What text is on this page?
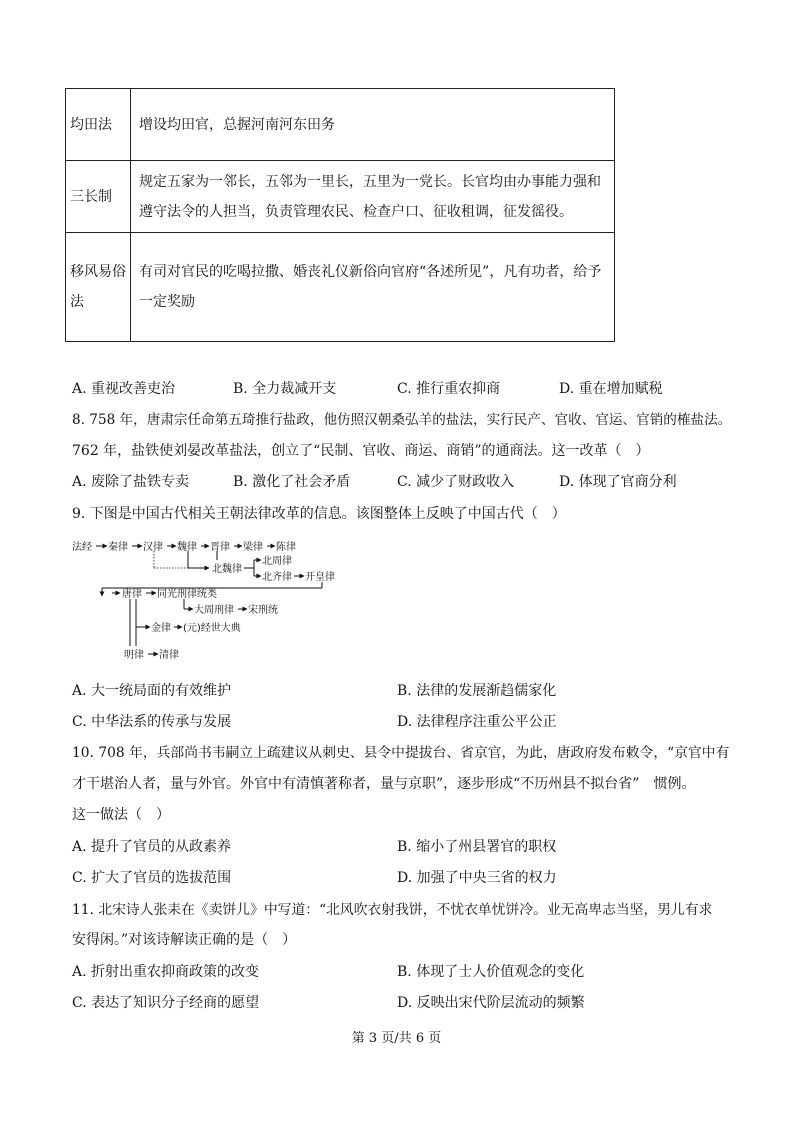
均田法	增设均田官，总握河南河东田务
三长制	规定五家为一邻长，五邻为一里长，五里为一党长。长官均由办事能力强和遵守法令的人担当，负责管理农民、检查户口、征收租调，征发徭役。
移风易俗法	有司对官民的吃喝拉撒、婚丧礼仪新俗向官府“各述所见”，凡有功者，给予一定奖励
A. 重视改善吏治	B. 全力裁减开支	C. 推行重农抑商	D. 重在增加赋税
8. 758 年，唐肃宗任命第五琦推行盐政，他仿照汉朝桑弘羊的盐法，实行民产、官收、官运、官销的榷盐法。
762 年，盐铁使刘晏改革盐法，创立了“民制、官收、商运、商销”的通商法。这一改革（　）
A. 废除了盐铁专卖	B. 激化了社会矛盾	C. 减少了财政收入	D. 体现了官商分利
9. 下图是中国古代相关王朝法律改革的信息。该图整体上反映了中国古代（　）
法经 秦律 汉律 魏律 晋律 梁律 陈律
北魏律
北周律
北齐律 开皇律
唐律 同光刑律统类
大周刑律 宋刑统
金律 (元)经世大典
明律 清律
A. 大一统局面的有效维护	B. 法律的发展渐趋儒家化
C. 中华法系的传承与发展	D. 法律程序注重公平公正
10. 708 年，兵部尚书韦嗣立上疏建议从刺史、县令中提拔台、省京官，为此，唐政府发布敕令，“京官中有
才干堪治人者，量与外官。外官中有清慎著称者，量与京职”，逐步形成“不历州县不拟台省”　惯例。
这一做法（　）
A. 提升了官员的从政素养	B. 缩小了州县署官的职权
C. 扩大了官员的选拔范围	D. 加强了中央三省的权力
11. 北宋诗人张耒在《卖饼儿》中写道：“北风吹衣射我饼，不忧衣单忧饼冷。业无高卑志当坚，男儿有求
安得闲。”对该诗解读正确的是（　）
A. 折射出重农抑商政策的改变	B. 体现了士人价值观念的变化
C. 表达了知识分子经商的愿望	D. 反映出宋代阶层流动的频繁
第 3 页/共 6 页
